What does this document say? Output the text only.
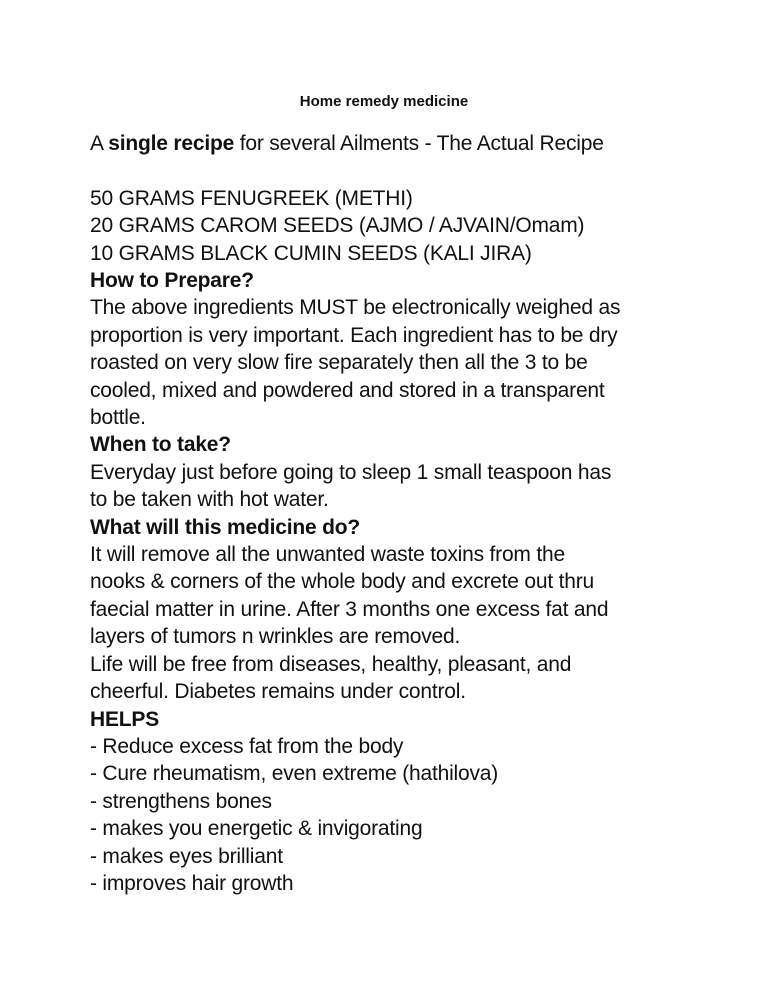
Home remedy medicine
A single recipe for several Ailments - The Actual Recipe
50 GRAMS FENUGREEK (METHI)
20 GRAMS CAROM SEEDS (AJMO / AJVAIN/Omam)
10 GRAMS BLACK CUMIN SEEDS (KALI JIRA)
How to Prepare?
The above ingredients MUST be electronically weighed as
proportion is very important. Each ingredient has to be dry
roasted on very slow fire separately then all the 3 to be
cooled, mixed and powdered and stored in a transparent
bottle.
When to take?
Everyday just before going to sleep 1 small teaspoon has
to be taken with hot water.
What will this medicine do?
It will remove all the unwanted waste toxins from the
nooks & corners of the whole body and excrete out thru
faecial matter in urine. After 3 months one excess fat and
layers of tumors n wrinkles are removed.
Life will be free from diseases, healthy, pleasant, and
cheerful. Diabetes remains under control.
HELPS
- Reduce excess fat from the body
- Cure rheumatism, even extreme (hathilova)
- strengthens bones
- makes you energetic & invigorating
- makes eyes brilliant
- improves hair growth
